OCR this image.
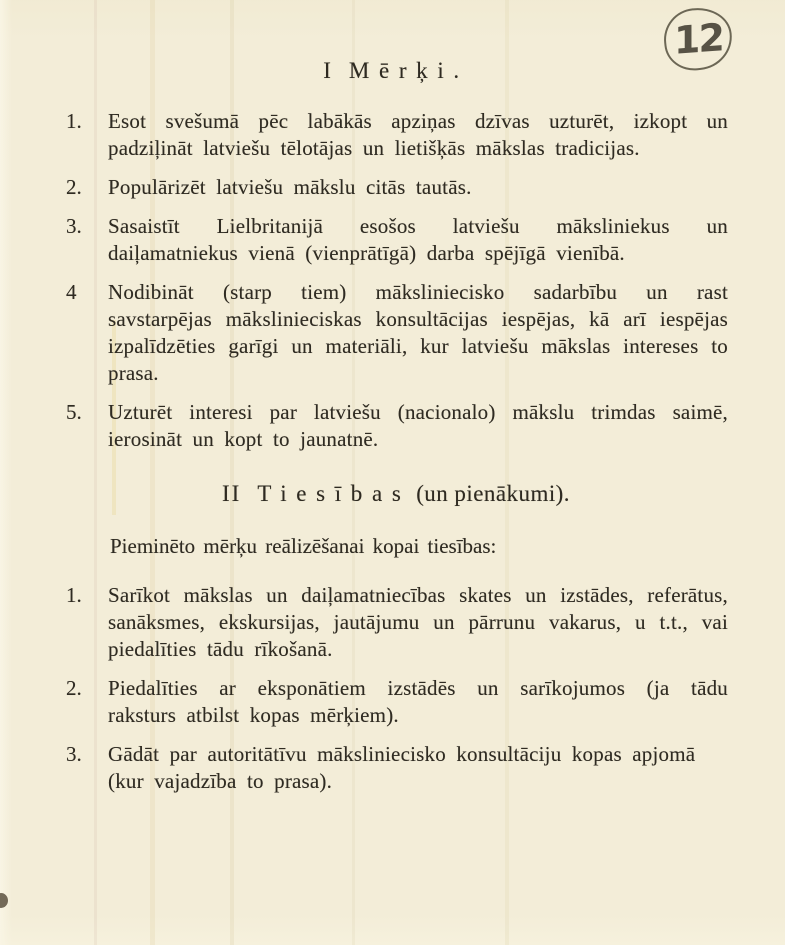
12
I Mērķi.
1.	Esot svešumā pēc labākās apziņas dzīvas uzturēt, izkopt un padziļināt latviešu tēlotājas un lietišķās mākslas tradicijas.
2.	Populārizēt latviešu mākslu citās tautās.
3.	Sasaistīt Lielbritanijā esošos latviešu māksliniekus un daiļamatniekus vienā (vienprātīgā) darba spējīgā vienībā.
4	Nodibināt (starp tiem) māksliniecisko sadarbību un rast savstarpējas mākslinieciskas konsultācijas iespējas, kā arī iespējas izpalīdzēties garīgi un materiāli, kur latviešu mākslas intereses to prasa.
5.	Uzturēt interesi par latviešu (nacionalo) mākslu trimdas saimē, ierosināt un kopt to jaunatnē.
II Tiesības (un pienākumi).

Pieminēto mērķu reālizēšanai kopai tiesības:

1.	Sarīkot mākslas un daiļamatniecības skates un izstādes, referātus, sanāksmes, ekskursijas, jautājumu un pārrunu vakarus, u t.t., vai piedalīties tādu rīkošanā.
2.	Piedalīties ar eksponātiem izstādēs un sarīkojumos (ja tādu raksturs atbilst kopas mērķiem).
3.	Gādāt par autoritātīvu māksliniecisko konsultāciju kopas apjomā (kur vajadzība to prasa).
